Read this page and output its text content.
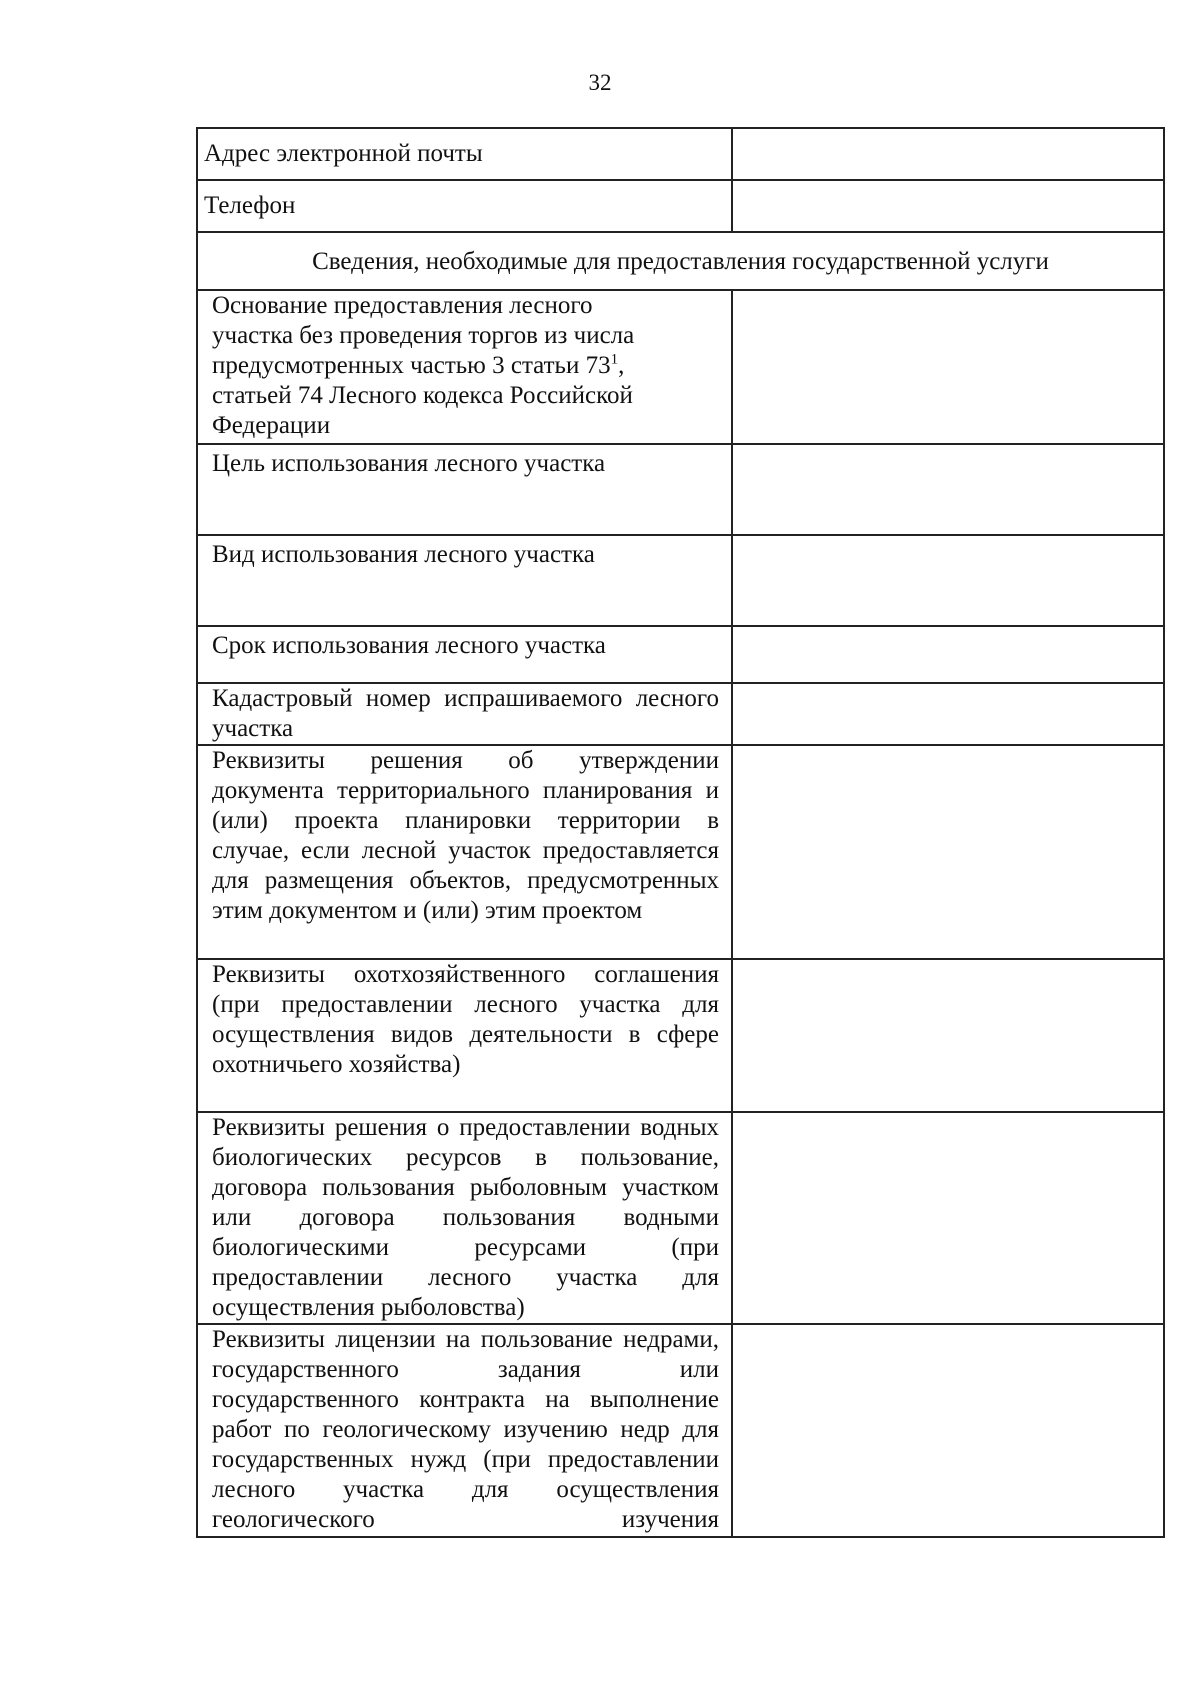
32
Адрес электронной почты	

Телефон	

Сведения, необходимые для предоставления государственной услуги	

Основание предоставления лесного участка без проведения торгов из числа предусмотренных частью 3 статьи $73^1$, статьей 74 Лесного кодекса Российской Федерации	

Цель использования лесного участка	

Вид использования лесного участка	

Срок использования лесного участка	

Кадастровый номер испрашиваемого лесного участка	

Реквизиты решения об утверждении документа территориального планирования и (или) проекта планировки территории в случае, если лесной участок предоставляется для размещения объектов, предусмотренных этим документом и (или) этим проектом	

Реквизиты охотхозяйственного соглашения (при предоставлении лесного участка для осуществления видов деятельности в сфере охотничьего хозяйства)	

Реквизиты решения о предоставлении водных биологических ресурсов в пользование, договора пользования рыболовным участком или договора пользования водными биологическими ресурсами (при предоставлении лесного участка для осуществления рыболовства)	

Реквизиты лицензии на пользование недрами, государственного задания или государственного контракта на выполнение работ по геологическому изучению недр для государственных нужд (при предоставлении лесного участка для осуществления геологического изучения	
